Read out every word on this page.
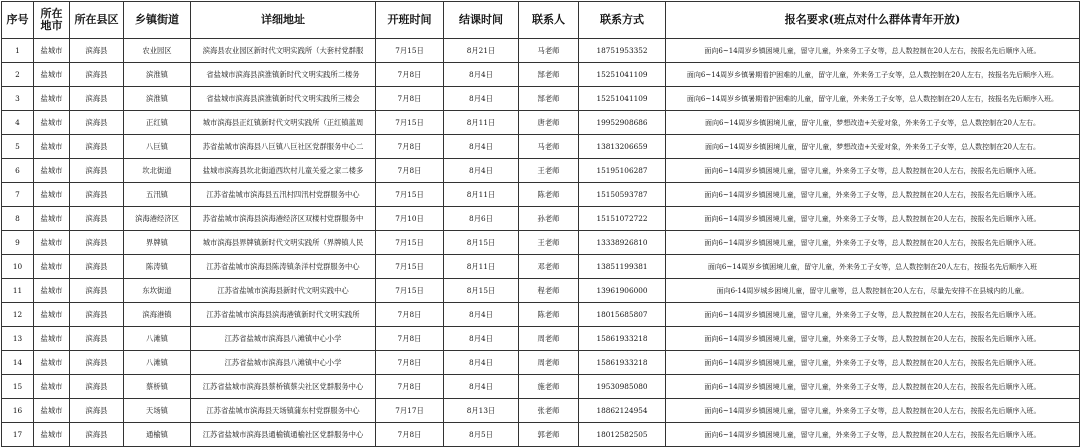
序号	所在地市	所在县区	乡镇街道	详细地址	开班时间	结课时间	联系人	联系方式	报名要求(班点对什么群体青年开放)
1	盐城市	滨海县	农业园区	滨海县农业园区新时代文明实践所（大套村党群服	7月15日	8月21日	马老师	18751953352	面向6~14周岁乡镇困境儿童，留守儿童，外来务工子女等，总人数控制在20人左右，按报名先后顺序入班。
2	盐城市	滨海县	滨淮镇	省盐城市滨海县滨淮镇新时代文明实践所二楼务	7月8日	8月4日	郜老师	15251041109	面向6~14周岁乡镇暑期看护困难的儿童，留守儿童，外来务工子女等，总人数控制在20人左右，按报名先后顺序入班。
3	盐城市	滨海县	滨淮镇	省盐城市滨海县滨淮镇新时代文明实践所三楼会	7月8日	8月4日	郜老师	15251041109	面向6~14周岁乡镇暑期看护困难的儿童，留守儿童，外来务工子女等，总人数控制在20人左右，按报名先后顺序入班。
4	盐城市	滨海县	正红镇	城市滨海县正红镇新时代文明实践所（正红镇蓝周	7月15日	8月11日	唐老师	19952908686	面向6~14周岁乡镇困境儿童，留守儿童，梦想改造+关爱对象，外来务工子女等，总人数控制在20人左右。
5	盐城市	滨海县	八巨镇	苏省盐城市滨海县八巨镇八巨社区党群服务中心二	7月8日	8月4日	马老师	13813206659	面向6~14周岁乡镇困境儿童，留守儿童，梦想改造+关爱对象，外来务工子女等，总人数控制在20人左右。
6	盐城市	滨海县	坎北街道	盐城市滨海县坎北街道西坎村儿童关爱之家二楼多	7月8日	8月4日	王老师	15195106287	面向6~14周岁乡镇困境儿童，留守儿童，外来务工子女等，总人数控制在20人左右，按报名先后顺序入班。
7	盐城市	滨海县	五汛镇	江苏省盐城市滨海县五汛村四汛村党群服务中心	7月15日	8月11日	陈老师	15150593787	面向6~14周岁乡镇困境儿童，留守儿童，外来务工子女等，总人数控制在20人左右，按报名先后顺序入班。
8	盐城市	滨海县	滨海港经济区	苏省盐城市滨海县滨海港经济区双楼村党群服务中	7月10日	8月6日	孙老师	15151072722	面向6~14周岁乡镇困境儿童，留守儿童，外来务工子女等，总人数控制在20人左右，按报名先后顺序入班。
9	盐城市	滨海县	界牌镇	城市滨海县界牌镇新时代文明实践所（界牌镇人民	7月15日	8月15日	王老师	13338926810	面向6~14周岁乡镇困境儿童，留守儿童，外来务工子女等，总人数控制在20人左右，按报名先后顺序入班。
10	盐城市	滨海县	陈涛镇	江苏省盐城市滨海县陈涛镇条洋村党群服务中心	7月15日	8月11日	邓老师	13851199381	面向6~14周岁乡镇困境儿童，留守儿童，外来务工子女等，总人数控制在20人左右，按报名先后顺序入班
11	盐城市	滨海县	东坎街道	江苏省盐城市滨海县新时代文明实践中心	7月15日	8月15日	程老师	13961906000	面向6-14周岁城乡困境儿童，留守儿童等，总人数控制在20人左右，尽量先安排不在县城内的儿童。
12	盐城市	滨海县	滨海港镇	江苏省盐城市滨海县滨海港镇新时代文明实践所	7月8日	8月4日	陈老师	18015685807	面向6~14周岁乡镇困境儿童，留守儿童，外来务工子女等，总人数控制在20人左右，按报名先后顺序入班。
13	盐城市	滨海县	八滩镇	江苏省盐城市滨海县八滩镇中心小学	7月8日	8月4日	周老师	15861933218	面向6~14周岁乡镇困境儿童，留守儿童，外来务工子女等，总人数控制在20人左右，按报名先后顺序入班。
14	盐城市	滨海县	八滩镇	江苏省盐城市滨海县八滩镇中心小学	7月8日	8月4日	周老师	15861933218	面向6~14周岁乡镇困境儿童，留守儿童，外来务工子女等，总人数控制在20人左右，按报名先后顺序入班。
15	盐城市	滨海县	蔡桥镇	江苏省盐城市滨海县蔡桥镇蔡尖社区党群服务中心	7月8日	8月4日	施老师	19530985080	面向6~14周岁乡镇困境儿童，留守儿童，外来务工子女等，总人数控制在20人左右，按报名先后顺序入班。
16	盐城市	滨海县	天场镇	江苏省盐城市滨海县天场镇蒲东村党群服务中心	7月17日	8月13日	张老师	18862124954	面向6~14周岁乡镇困境儿童，留守儿童，外来务工子女等，总人数控制在20人左右，按报名先后顺序入班。
17	盐城市	滨海县	通榆镇	江苏省盐城市滨海县通榆镇通榆社区党群服务中心	7月8日	8月5日	郭老师	18012582505	面向6~14周岁乡镇困境儿童，留守儿童，外来务工子女等，总人数控制在20人左右，按报名先后顺序入班。
